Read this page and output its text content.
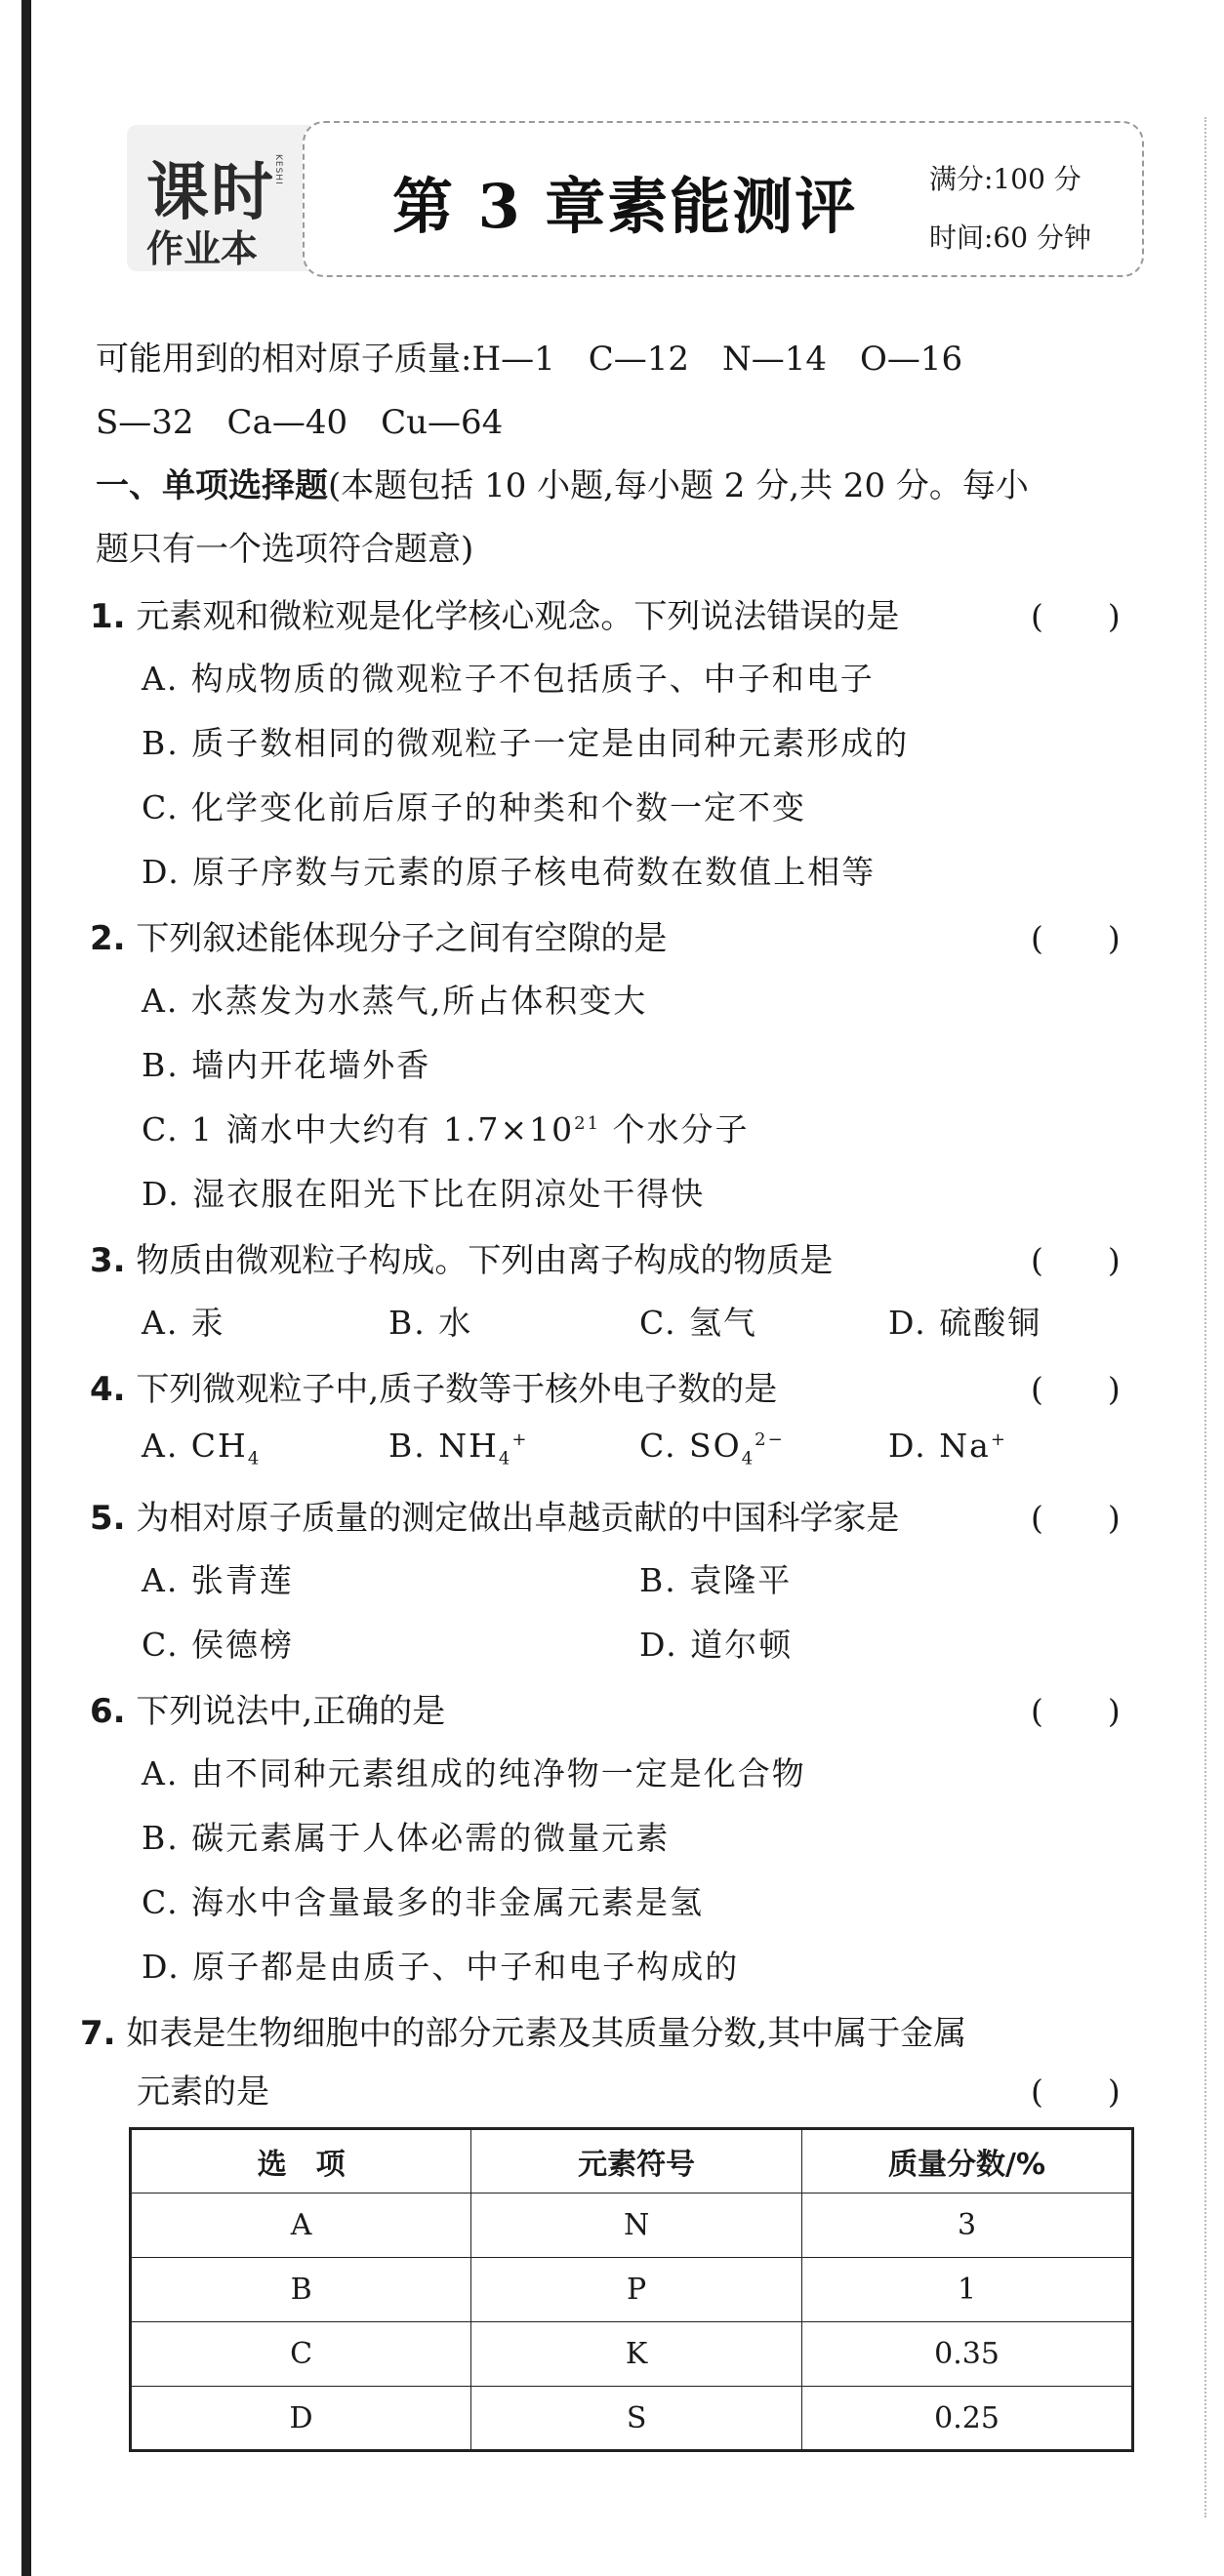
课时
KESHI
作业本
第 3 章素能测评	满分:100 分
时间:60 分钟
可能用到的相对原子质量:H—1　C—12　N—14　O—16
S—32　Ca—40　Cu—64
一、单项选择题(本题包括 10 小题,每小题 2 分,共 20 分。每小
题只有一个选项符合题意)
1. 元素观和微粒观是化学核心观念。下列说法错误的是	(　　)
A. 构成物质的微观粒子不包括质子、中子和电子
B. 质子数相同的微观粒子一定是由同种元素形成的
C. 化学变化前后原子的种类和个数一定不变
D. 原子序数与元素的原子核电荷数在数值上相等
2. 下列叙述能体现分子之间有空隙的是	(　　)
A. 水蒸发为水蒸气,所占体积变大
B. 墙内开花墙外香
C. 1 滴水中大约有 $1.7\times 10^{21}$ 个水分子
D. 湿衣服在阳光下比在阴凉处干得快
3. 物质由微观粒子构成。下列由离子构成的物质是	(　　)
A. 汞	B. 水	C. 氢气	D. 硫酸铜
4. 下列微观粒子中,质子数等于核外电子数的是	(　　)
A. $CH_4$	B. $NH_4^+$	C. $SO_4^{2-}$	D. Na+
5. 为相对原子质量的测定做出卓越贡献的中国科学家是	(　　)
A. 张青莲	B. 袁隆平
C. 侯德榜	D. 道尔顿
6. 下列说法中,正确的是	(　　)
A. 由不同种元素组成的纯净物一定是化合物
B. 碳元素属于人体必需的微量元素
C. 海水中含量最多的非金属元素是氢
D. 原子都是由质子、中子和电子构成的
7. 如表是生物细胞中的部分元素及其质量分数,其中属于金属
元素的是	(　　)
选　项	元素符号	质量分数/%
A	N	3
B	P	1
C	K	0.35
D	S	0.25
